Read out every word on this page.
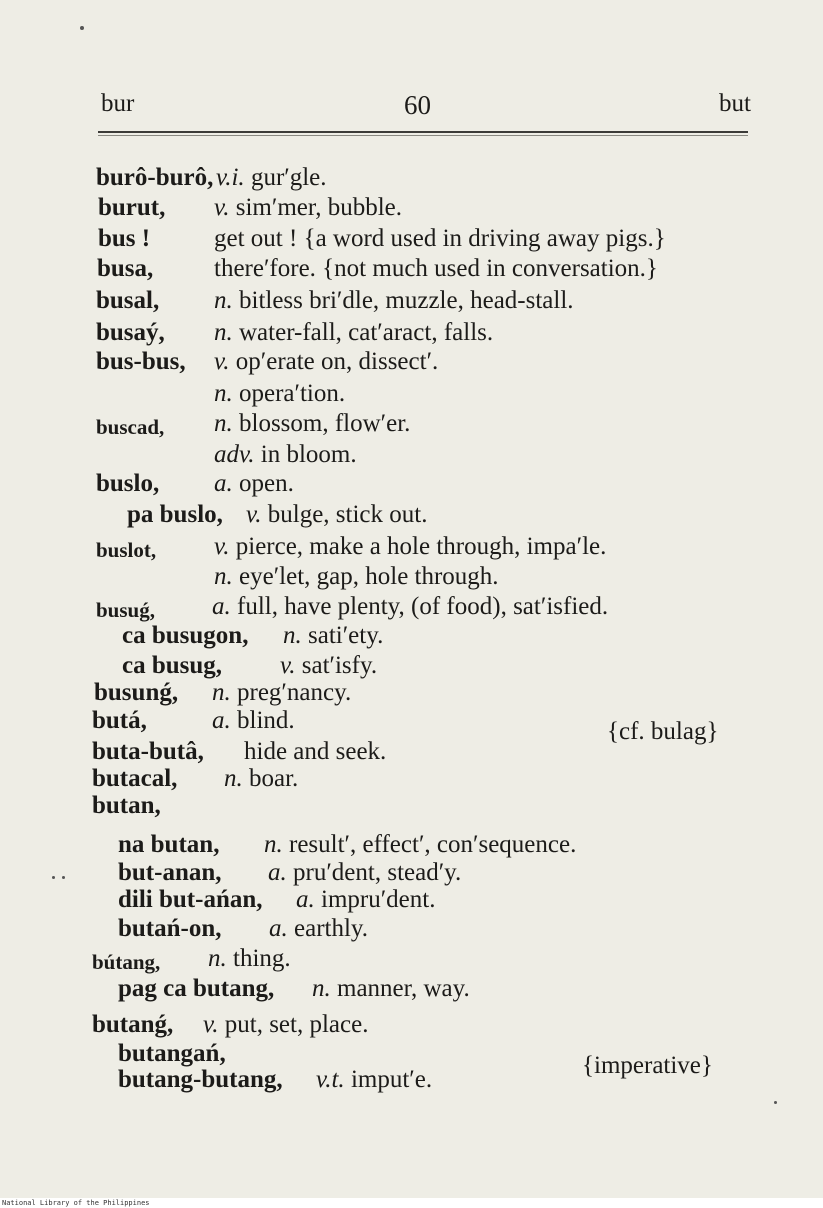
bur	60	but
burô-burô, v.i. gur′gle.
burut, v. sim′mer, bubble.
bus !	get out ! {a word used in driving away pigs.}
busa, there′fore. {not much used in conversation.}
busal, n. bitless bri′dle, muzzle, head-stall.
busaý, n. water-fall, cat′aract, falls.
bus-bus, v. op′erate on, dissect′.
n. opera′tion.
buscad, n. blossom, flow′er.
adv. in bloom.
buslo, a. open.
pa buslo, v. bulge, stick out.
buslot, v. pierce, make a hole through, impa′le.
n. eye′let, gap, hole through.
busuǵ, a. full, have plenty, (of food), sat′isfied.
ca busugon, n. sati′ety.
ca busug, v. sat′isfy.
busunǵ, n. preg′nancy.
butá,	a. blind.
buta-butâ, hide and seek.
butacal, n. boar.
butan,
na butan, n. result′, effect′, con′sequence.
but-anan, a. pru′dent, stead′y.
dili but-ańan, a. impru′dent.
butań-on, a. earthly.
bútang, n. thing.
pag ca butang, n. manner, way.
butanǵ, v. put, set, place.
butangań,
butang-butang, v.t. imput′e.
{cf. bulag}
{imperative}
National Library of the Philippines
